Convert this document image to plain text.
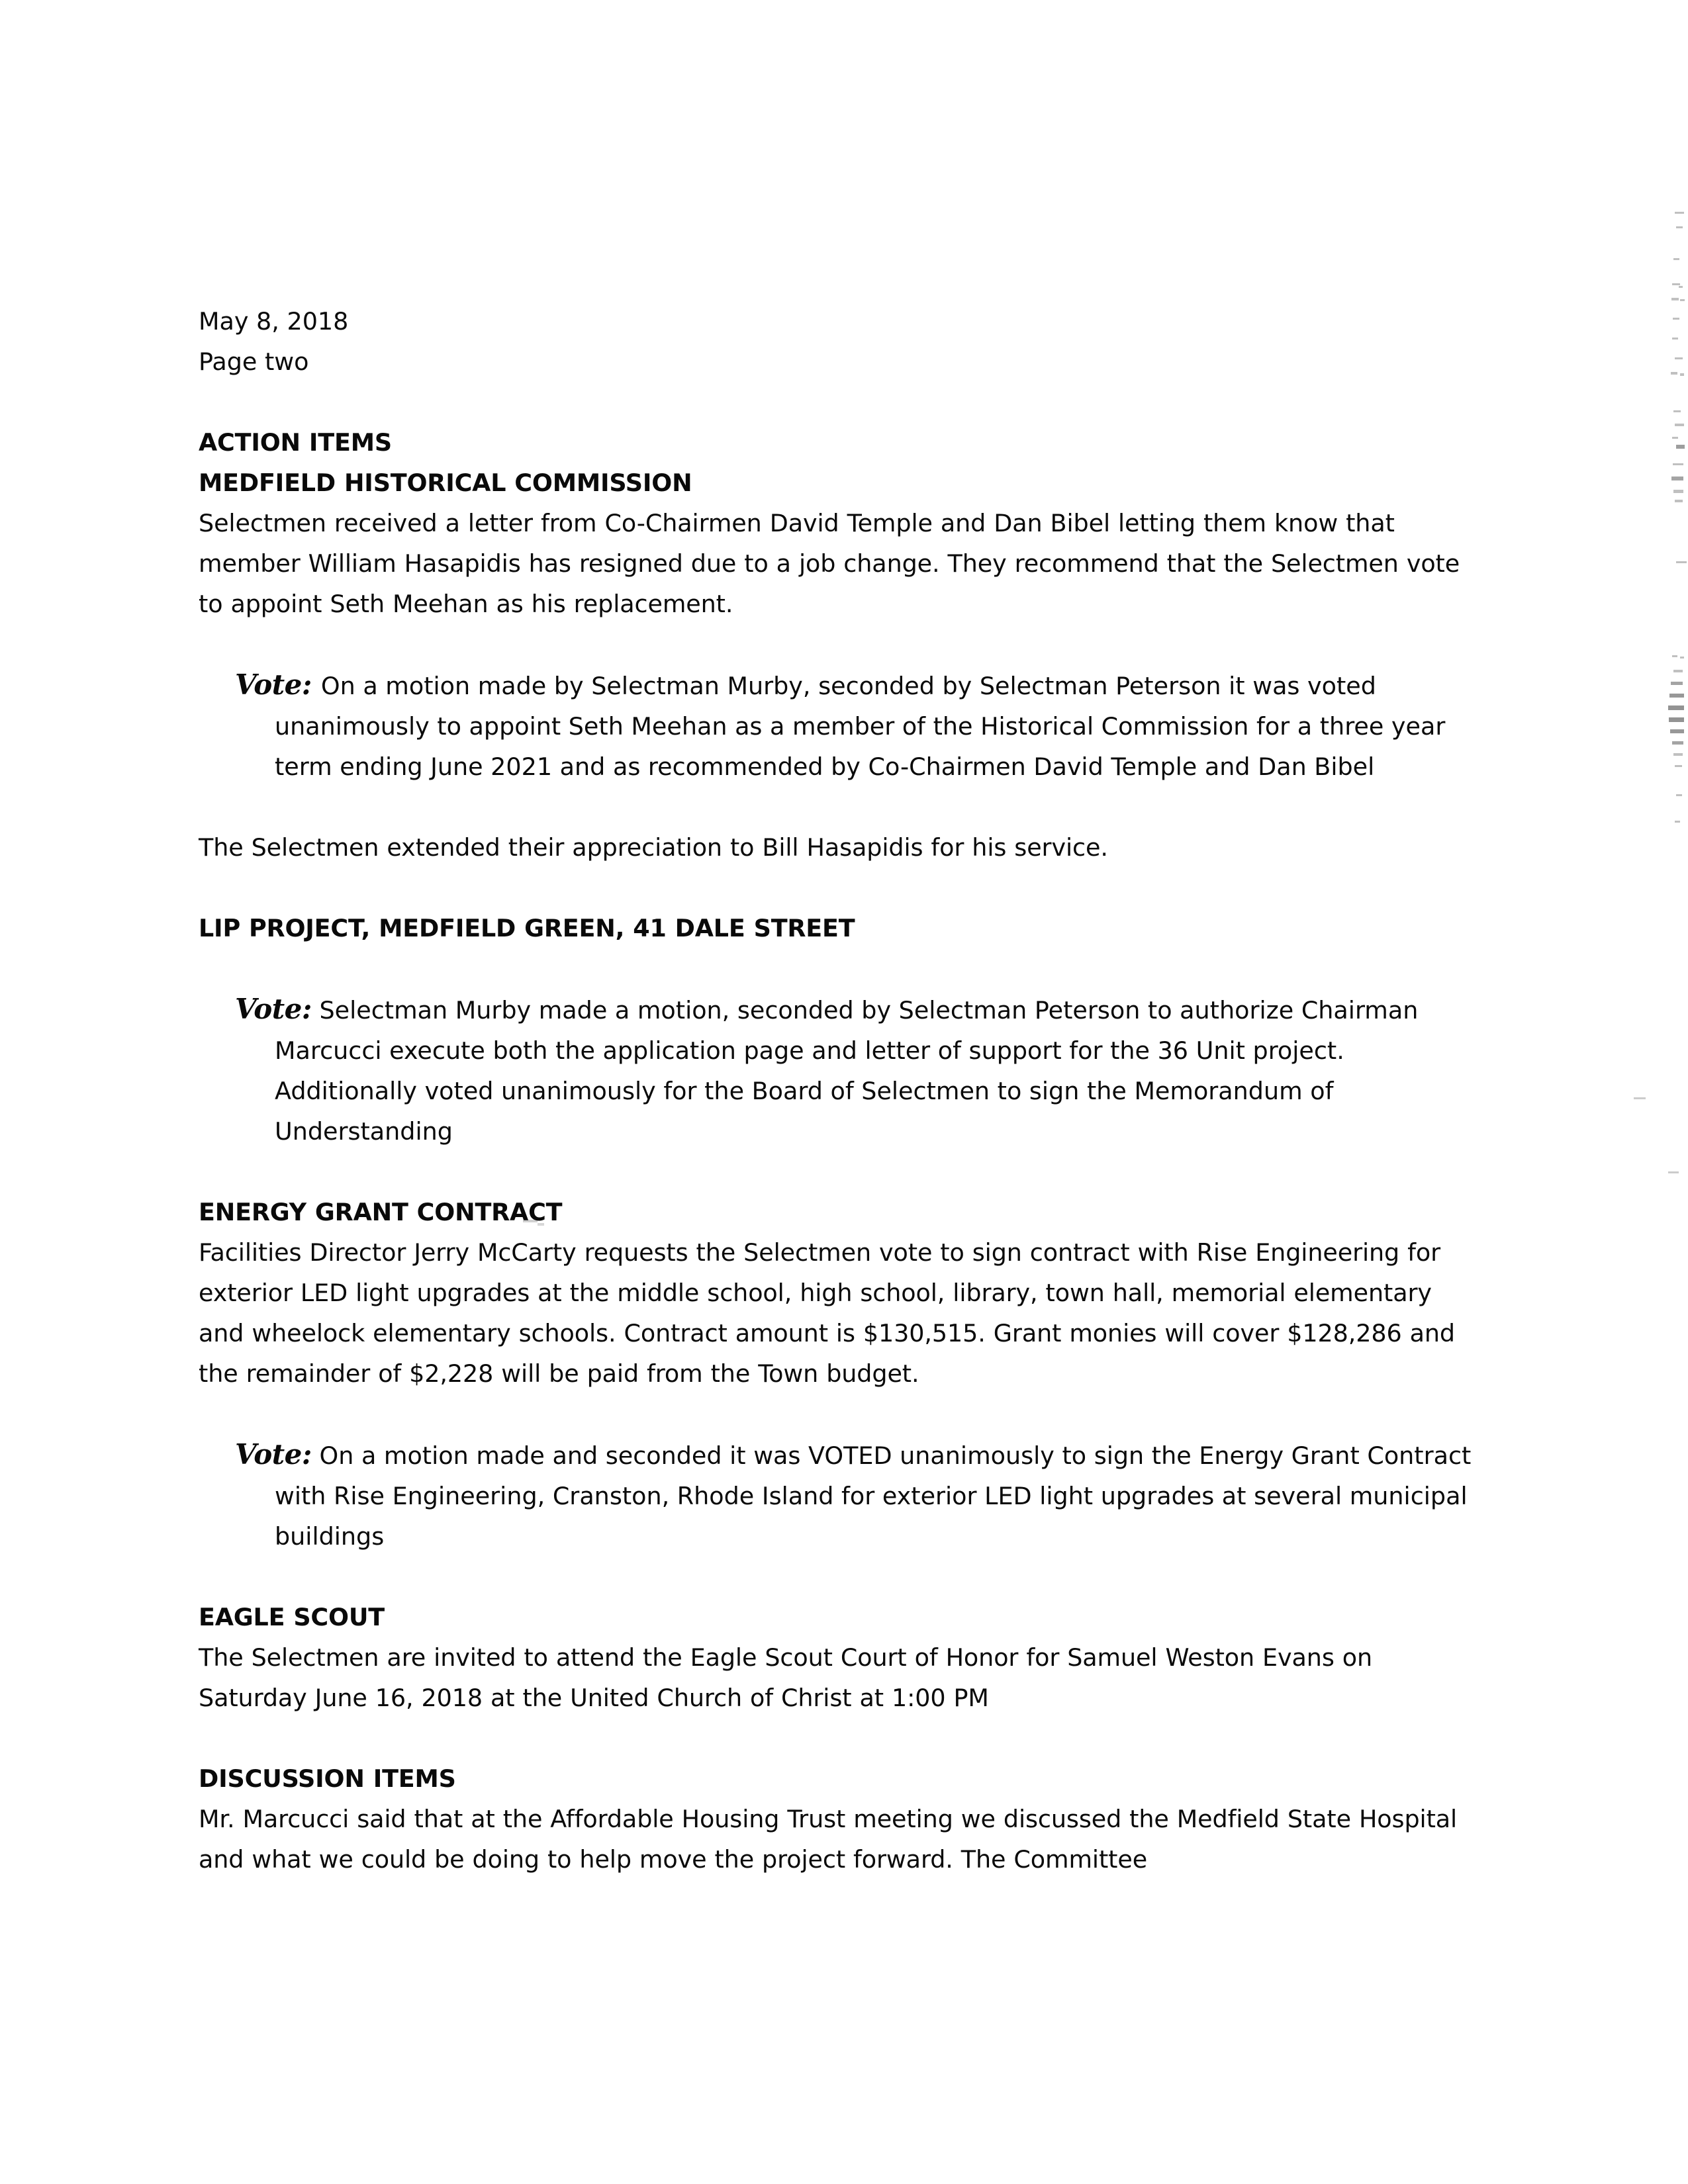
May 8, 2018
Page two
ACTION ITEMS
MEDFIELD HISTORICAL COMMISSION

Selectmen received a letter from Co-Chairmen David Temple and Dan Bibel letting them know that member William Hasapidis has resigned due to a job change. They recommend that the Selectmen vote to appoint Seth Meehan as his replacement.

Vote: On a motion made by Selectman Murby, seconded by Selectman Peterson it was voted unanimously to appoint Seth Meehan as a member of the Historical Commission for a three year term ending June 2021 and as recommended by Co-Chairmen David Temple and Dan Bibel

The Selectmen extended their appreciation to Bill Hasapidis for his service.

LIP PROJECT, MEDFIELD GREEN, 41 DALE STREET

Vote: Selectman Murby made a motion, seconded by Selectman Peterson to authorize Chairman Marcucci execute both the application page and letter of support for the 36 Unit project. Additionally voted unanimously for the Board of Selectmen to sign the Memorandum of Understanding

ENERGY GRANT CONTRACT

Facilities Director Jerry McCarty requests the Selectmen vote to sign contract with Rise Engineering for exterior LED light upgrades at the middle school, high school, library, town hall, memorial elementary and wheelock elementary schools. Contract amount is $130,515. Grant monies will cover $128,286 and the remainder of $2,228 will be paid from the Town budget.

Vote: On a motion made and seconded it was VOTED unanimously to sign the Energy Grant Contract with Rise Engineering, Cranston, Rhode Island for exterior LED light upgrades at several municipal buildings

EAGLE SCOUT

The Selectmen are invited to attend the Eagle Scout Court of Honor for Samuel Weston Evans on Saturday June 16, 2018 at the United Church of Christ at 1:00 PM

DISCUSSION ITEMS

Mr. Marcucci said that at the Affordable Housing Trust meeting we discussed the Medfield State Hospital and what we could be doing to help move the project forward. The Committee
